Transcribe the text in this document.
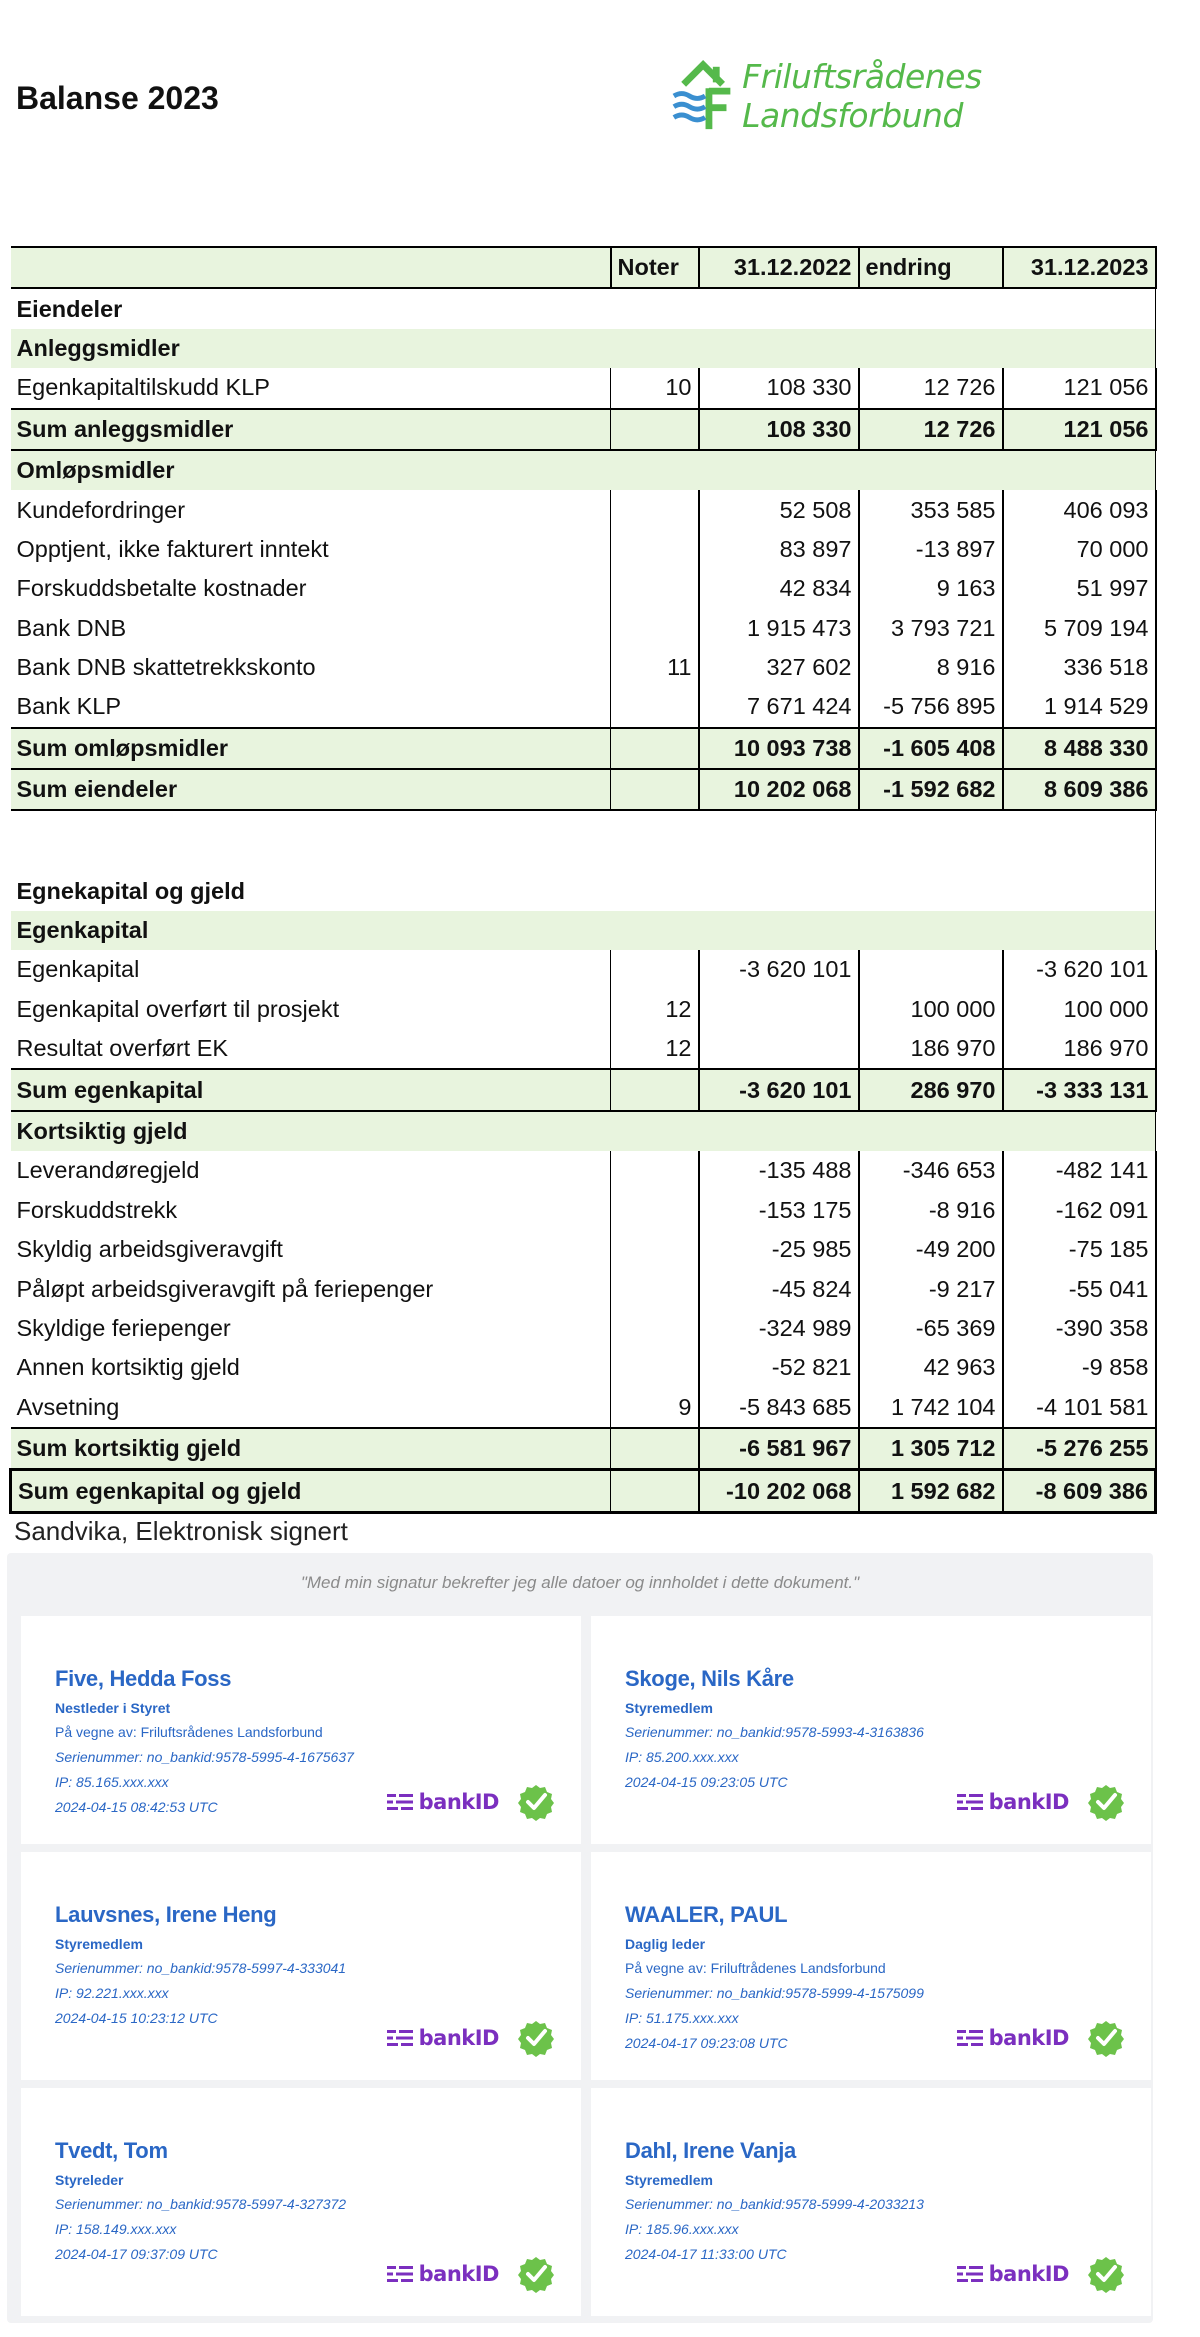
Balanse 2023
Friluftsrådenes Landsforbund
	Noter	31.12.2022	endring	31.12.2023
Eiendeler				
Anleggsmidler				
Egenkapitaltilskudd KLP	10	108 330	12 726	121 056
Sum anleggsmidler		108 330	12 726	121 056
Omløpsmidler				
Kundefordringer		52 508	353 585	406 093
Opptjent, ikke fakturert inntekt		83 897	-13 897	70 000
Forskuddsbetalte kostnader		42 834	9 163	51 997
Bank DNB		1 915 473	3 793 721	5 709 194
Bank DNB skattetrekkskonto	11	327 602	8 916	336 518
Bank KLP		7 671 424	-5 756 895	1 914 529
Sum omløpsmidler		10 093 738	-1 605 408	8 488 330
Sum eiendeler		10 202 068	-1 592 682	8 609 386

Egnekapital og gjeld				
Egenkapital				
Egenkapital		-3 620 101		-3 620 101
Egenkapital overført til prosjekt	12		100 000	100 000
Resultat overført EK	12		186 970	186 970
Sum egenkapital		-3 620 101	286 970	-3 333 131
Kortsiktig gjeld				
Leverandøregjeld		-135 488	-346 653	-482 141
Forskuddstrekk		-153 175	-8 916	-162 091
Skyldig arbeidsgiveravgift		-25 985	-49 200	-75 185
Påløpt arbeidsgiveravgift på feriepenger		-45 824	-9 217	-55 041
Skyldige feriepenger		-324 989	-65 369	-390 358
Annen kortsiktig gjeld		-52 821	42 963	-9 858
Avsetning	9	-5 843 685	1 742 104	-4 101 581
Sum kortsiktig gjeld		-6 581 967	1 305 712	-5 276 255
Sum egenkapital og gjeld		-10 202 068	1 592 682	-8 609 386
Sandvika, Elektronisk signert
"Med min signatur bekrefter jeg alle datoer og innholdet i dette dokument."
Five, Hedda Foss
Nestleder i Styret
På vegne av: Friluftsrådenes Landsforbund
Serienummer: no_bankid:9578-5995-4-1675637
IP: 85.165.xxx.xxx
2024-04-15 08:42:53 UTC	bankID
Skoge, Nils Kåre
Styremedlem
Serienummer: no_bankid:9578-5993-4-3163836
IP: 85.200.xxx.xxx
2024-04-15 09:23:05 UTC
bankID
Lauvsnes, Irene Heng
Styremedlem
Serienummer: no_bankid:9578-5997-4-333041
IP: 92.221.xxx.xxx
2024-04-15 10:23:12 UTC
bankID
WAALER, PAUL
Daglig leder
På vegne av: Friluftrådenes Landsforbund
Serienummer: no_bankid:9578-5999-4-1575099
IP: 51.175.xxx.xxx
2024-04-17 09:23:08 UTC	bankID
Tvedt, Tom
Styreleder
Serienummer: no_bankid:9578-5997-4-327372
IP: 158.149.xxx.xxx
2024-04-17 09:37:09 UTC
bankID
Dahl, Irene Vanja
Styremedlem
Serienummer: no_bankid:9578-5999-4-2033213
IP: 185.96.xxx.xxx
2024-04-17 11:33:00 UTC
bankID
